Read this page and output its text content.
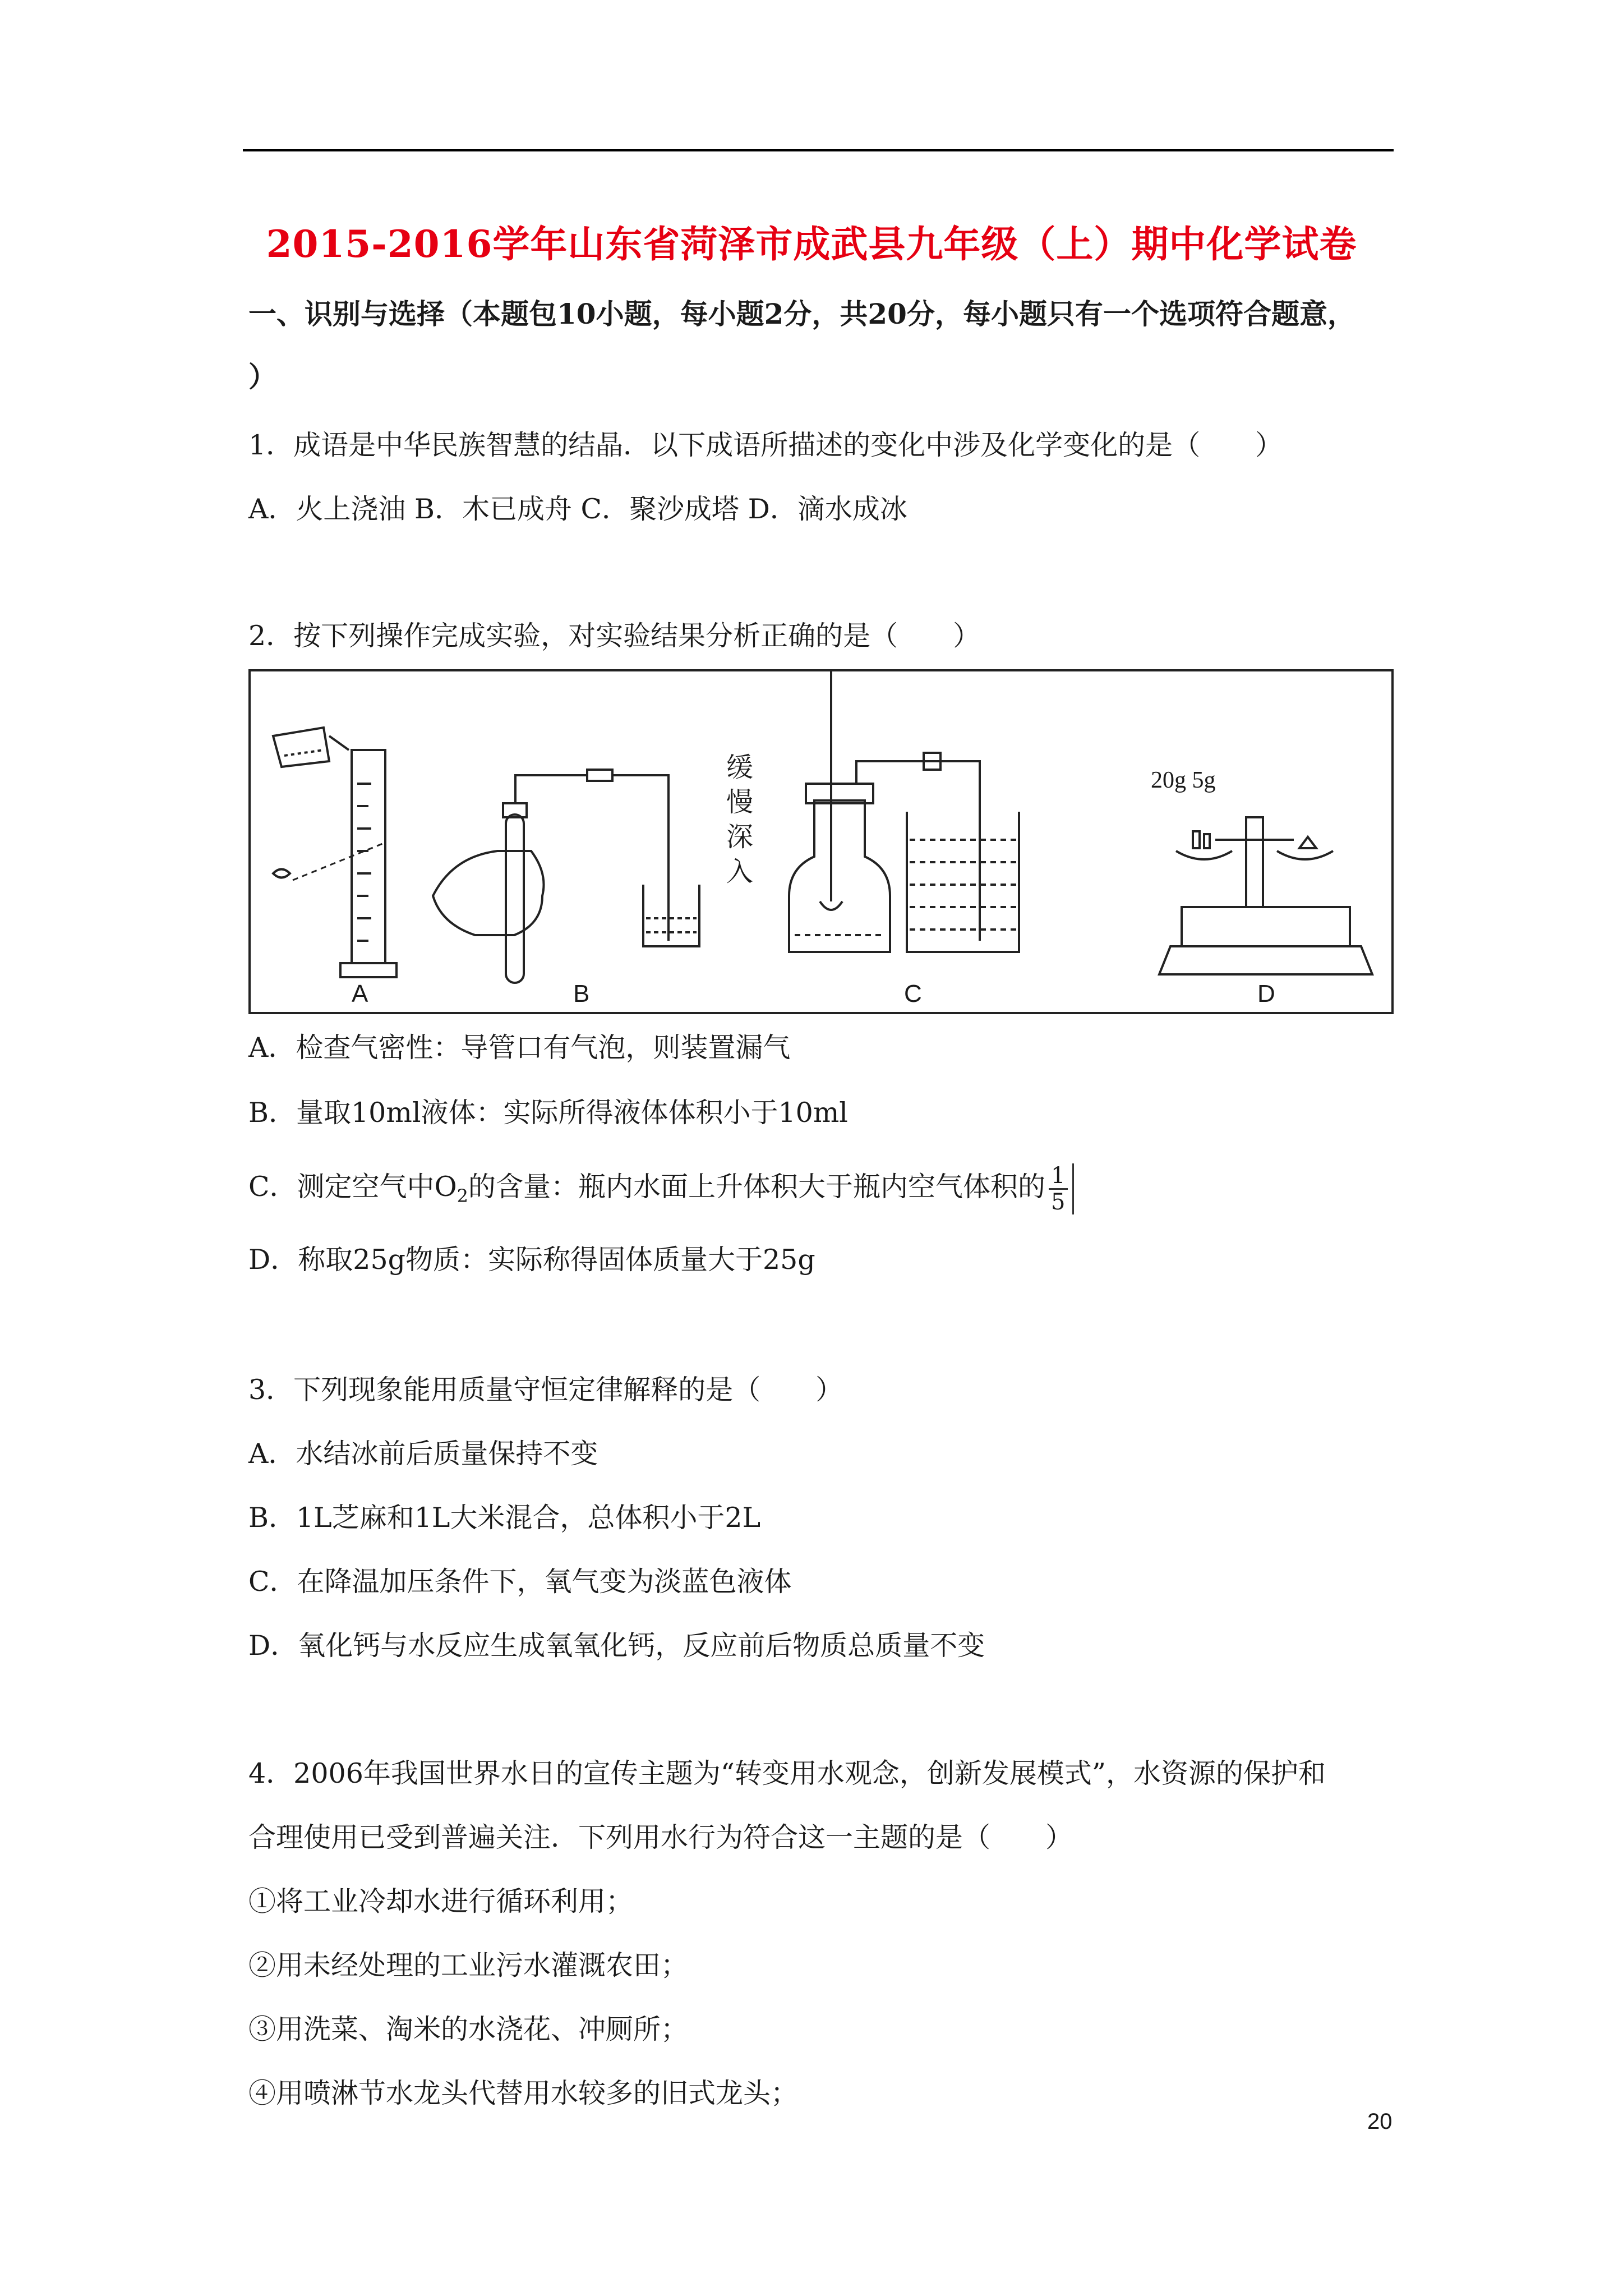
2015-2016学年山东省菏泽市成武县九年级（上）期中化学试卷
一、识别与选择（本题包10小题，每小题2分，共20分，每小题只有一个选项符合题意，
）
1．成语是中华民族智慧的结晶．以下成语所描述的变化中涉及化学变化的是（　　）
A．火上浇油 B．木已成舟 C．聚沙成塔 D．滴水成冰
2．按下列操作完成实验，对实验结果分析正确的是（　　）
A	B	C	D
缓
慢
深
入
20g 5g
A．检查气密性：导管口有气泡，则装置漏气
B．量取10ml液体：实际所得液体体积小于10ml
C．测定空气中$O_2$的含量：瓶内水面上升体积大于瓶内空气体积的 $\frac{1}{5}$
D．称取25g物质：实际称得固体质量大于25g
3．下列现象能用质量守恒定律解释的是（　　）
A．水结冰前后质量保持不变
B．1L芝麻和1L大米混合，总体积小于2L
C．在降温加压条件下，氧气变为淡蓝色液体
D．氧化钙与水反应生成氧氧化钙，反应前后物质总质量不变
4．2006年我国世界水日的宣传主题为“转变用水观念，创新发展模式”，水资源的保护和
合理使用已受到普遍关注．下列用水行为符合这一主题的是（　　）
①将工业冷却水进行循环利用；
②用未经处理的工业污水灌溉农田；
③用洗菜、淘米的水浇花、冲厕所；
④用喷淋节水龙头代替用水较多的旧式龙头；
20
